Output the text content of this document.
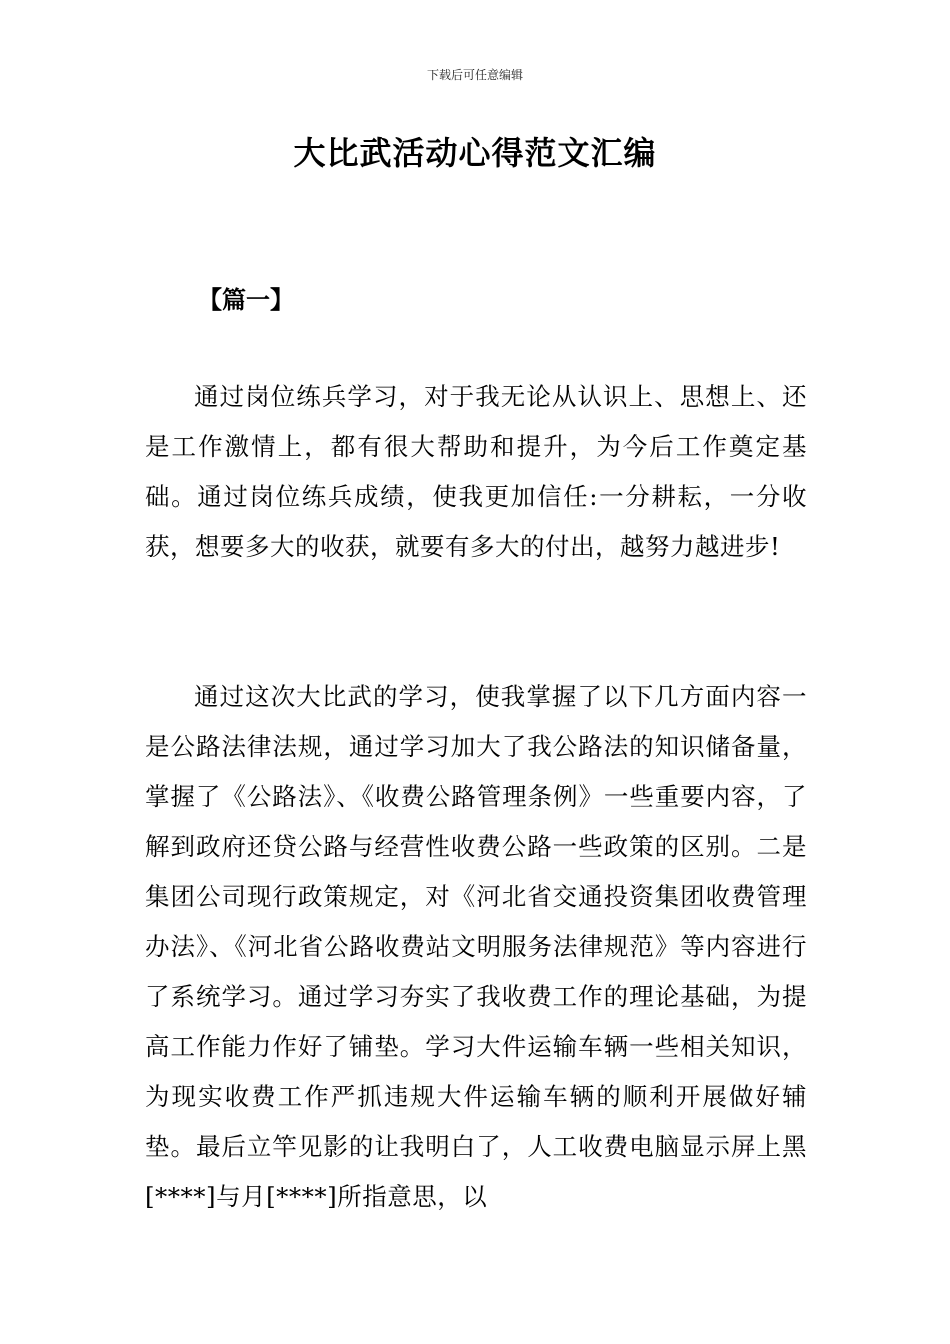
下载后可任意编辑
大比武活动心得范文汇编
【篇一】

通过岗位练兵学习，对于我无论从认识上、思想上、还是工作激情上，都有很大帮助和提升，为今后工作奠定基础。通过岗位练兵成绩，使我更加信任:一分耕耘，一分收获，想要多大的收获，就要有多大的付出，越努力越进步!

通过这次大比武的学习，使我掌握了以下几方面内容一是公路法律法规，通过学习加大了我公路法的知识储备量，掌握了《公路法》、《收费公路管理条例》一些重要内容，了解到政府还贷公路与经营性收费公路一些政策的区别。二是集团公司现行政策规定，对《河北省交通投资集团收费管理办法》、《河北省公路收费站文明服务法律规范》等内容进行了系统学习。通过学习夯实了我收费工作的理论基础，为提高工作能力作好了铺垫。学习大件运输车辆一些相关知识，为现实收费工作严抓违规大件运输车辆的顺利开展做好辅垫。最后立竿见影的让我明白了，人工收费电脑显示屏上黑[****]与月[****]所指意思，以
